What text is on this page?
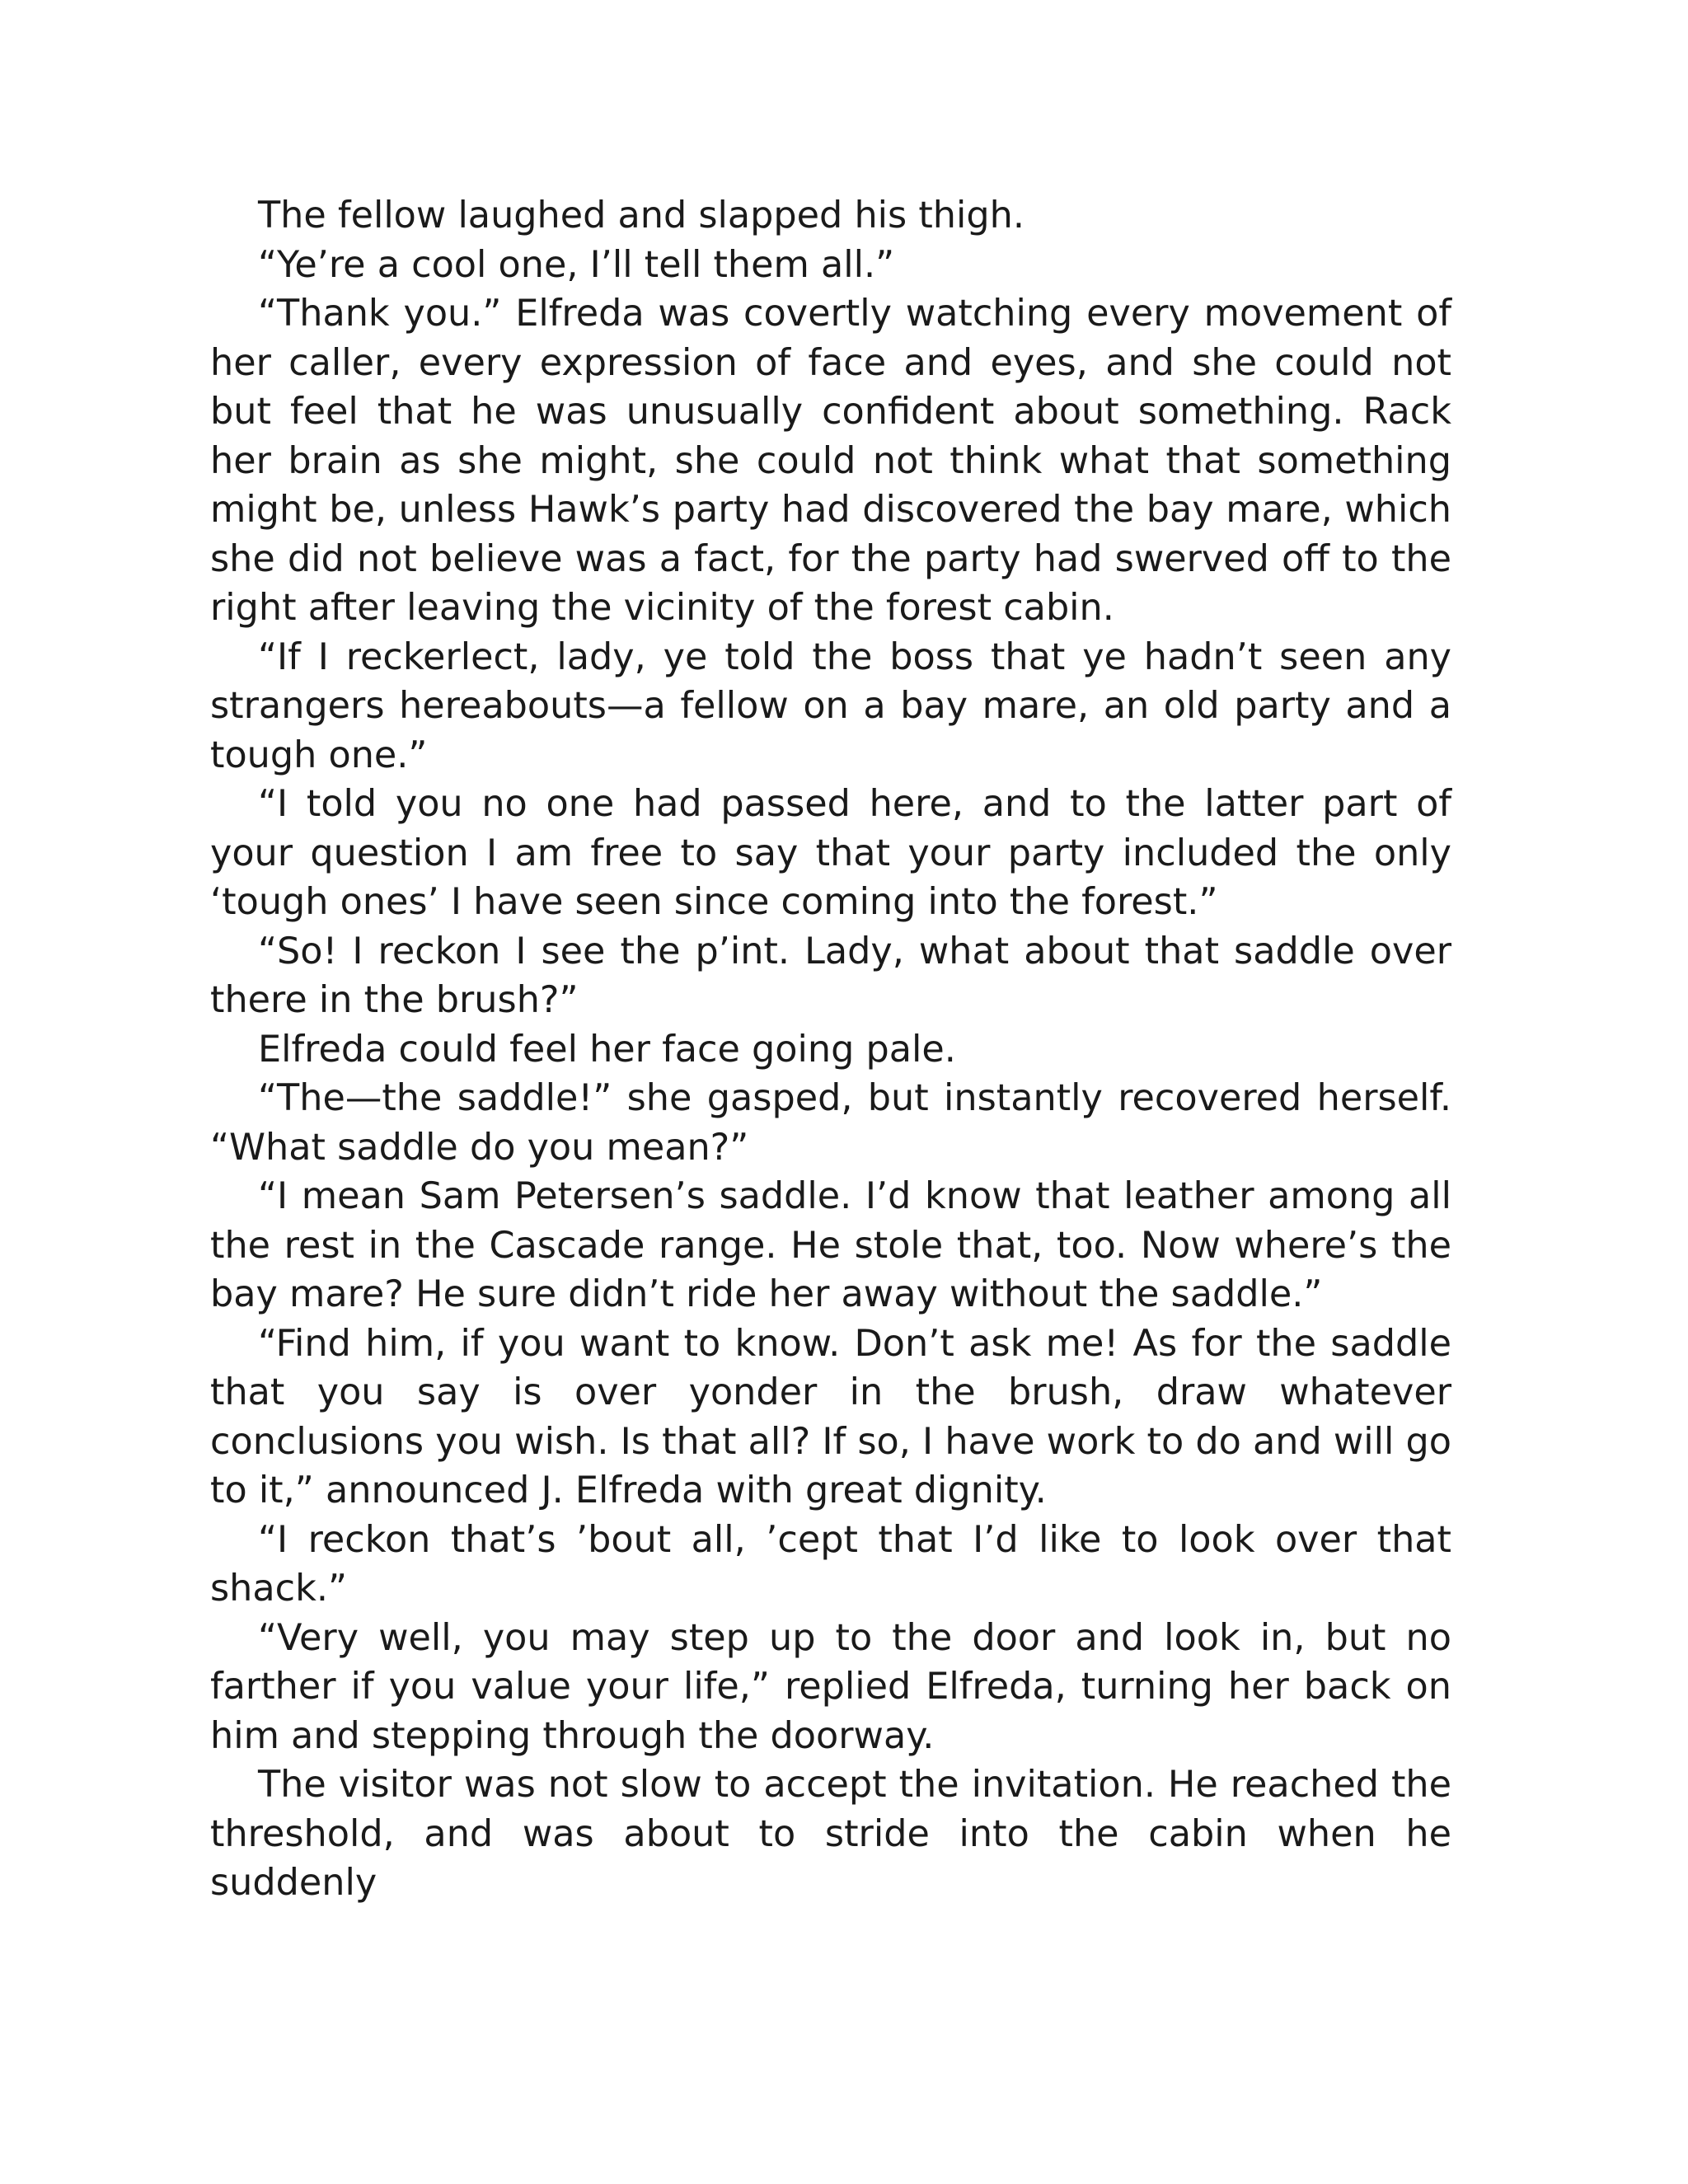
The fellow laughed and slapped his thigh.

“Ye’re a cool one, I’ll tell them all.”

“Thank you.” Elfreda was covertly watching every movement of her caller, every expression of face and eyes, and she could not but feel that he was unusually confident about something. Rack her brain as she might, she could not think what that something might be, unless Hawk’s party had discovered the bay mare, which she did not believe was a fact, for the party had swerved off to the right after leaving the vicinity of the forest cabin.

“If I reckerlect, lady, ye told the boss that ye hadn’t seen any strangers hereabouts—a fellow on a bay mare, an old party and a tough one.”

“I told you no one had passed here, and to the latter part of your question I am free to say that your party included the only ‘tough ones’ I have seen since coming into the forest.”

“So! I reckon I see the p’int. Lady, what about that saddle over there in the brush?”

Elfreda could feel her face going pale.

“The—the saddle!” she gasped, but instantly recovered herself. “What saddle do you mean?”

“I mean Sam Petersen’s saddle. I’d know that leather among all the rest in the Cascade range. He stole that, too. Now where’s the bay mare? He sure didn’t ride her away without the saddle.”

“Find him, if you want to know. Don’t ask me! As for the saddle that you say is over yonder in the brush, draw whatever conclusions you wish. Is that all? If so, I have work to do and will go to it,” announced J. Elfreda with great dignity.

“I reckon that’s ’bout all, ’cept that I’d like to look over that shack.”

“Very well, you may step up to the door and look in, but no farther if you value your life,” replied Elfreda, turning her back on him and stepping through the doorway.

The visitor was not slow to accept the invitation. He reached the threshold, and was about to stride into the cabin when he suddenly
